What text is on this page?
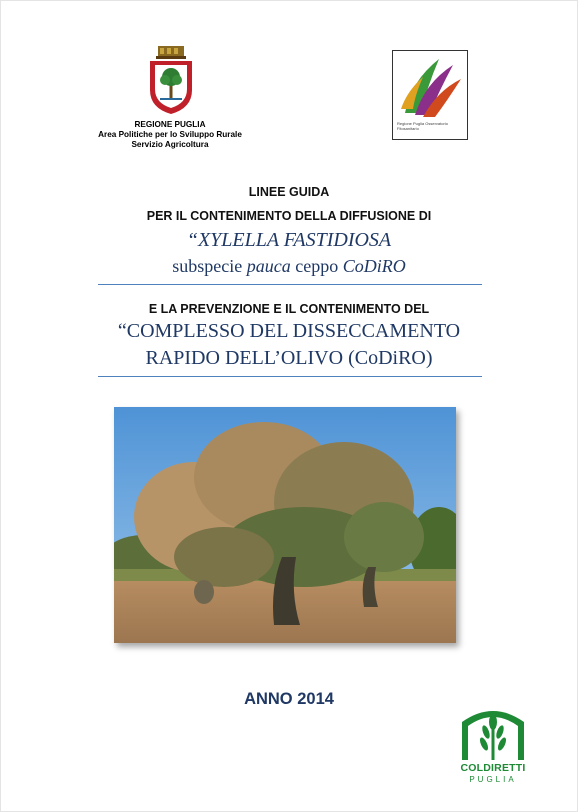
REGIONE PUGLIA
Area Politiche per lo Sviluppo Rurale
Servizio Agricoltura
Regione Puglia Osservatorio Fitosanitario
LINEE GUIDA
PER IL CONTENIMENTO DELLA DIFFUSIONE DI
“XYLELLA FASTIDIOSA
subspecie pauca ceppo CoDiRO
E LA PREVENZIONE E IL CONTENIMENTO DEL
“COMPLESSO DEL DISSECCAMENTO
RAPIDO DELL’OLIVO (CoDiRO)
ANNO 2014
COLDIRETTI
PUGLIA
